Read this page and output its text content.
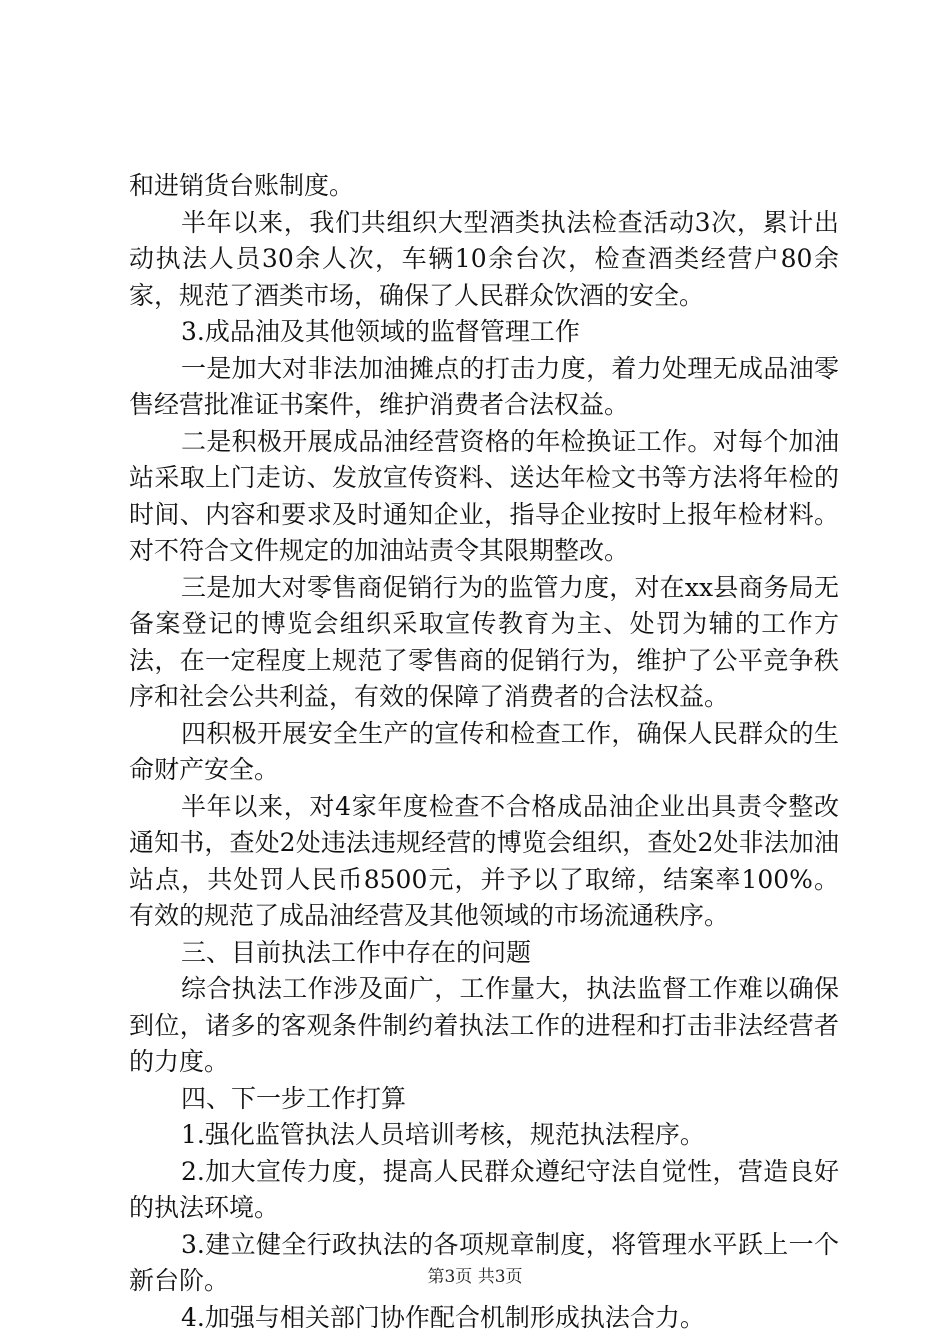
和进销货台账制度。

半年以来，我们共组织大型酒类执法检查活动3次，累计出动执法人员30余人次，车辆10余台次，检查酒类经营户80余家，规范了酒类市场，确保了人民群众饮酒的安全。

3.成品油及其他领域的监督管理工作

一是加大对非法加油摊点的打击力度，着力处理无成品油零售经营批准证书案件，维护消费者合法权益。

二是积极开展成品油经营资格的年检换证工作。对每个加油站采取上门走访、发放宣传资料、送达年检文书等方法将年检的时间、内容和要求及时通知企业，指导企业按时上报年检材料。对不符合文件规定的加油站责令其限期整改。

三是加大对零售商促销行为的监管力度，对在xx县商务局无备案登记的博览会组织采取宣传教育为主、处罚为辅的工作方法，在一定程度上规范了零售商的促销行为，维护了公平竞争秩序和社会公共利益，有效的保障了消费者的合法权益。

四积极开展安全生产的宣传和检查工作，确保人民群众的生命财产安全。

半年以来，对4家年度检查不合格成品油企业出具责令整改通知书，查处2处违法违规经营的博览会组织，查处2处非法加油站点，共处罚人民币8500元，并予以了取缔，结案率100%。有效的规范了成品油经营及其他领域的市场流通秩序。

三、目前执法工作中存在的问题

综合执法工作涉及面广，工作量大，执法监督工作难以确保到位，诸多的客观条件制约着执法工作的进程和打击非法经营者的力度。

四、下一步工作打算

1.强化监管执法人员培训考核，规范执法程序。

2.加大宣传力度，提高人民群众遵纪守法自觉性，营造良好的执法环境。

3.建立健全行政执法的各项规章制度，将管理水平跃上一个新台阶。

4.加强与相关部门协作配合机制形成执法合力。

第3页 共3页
